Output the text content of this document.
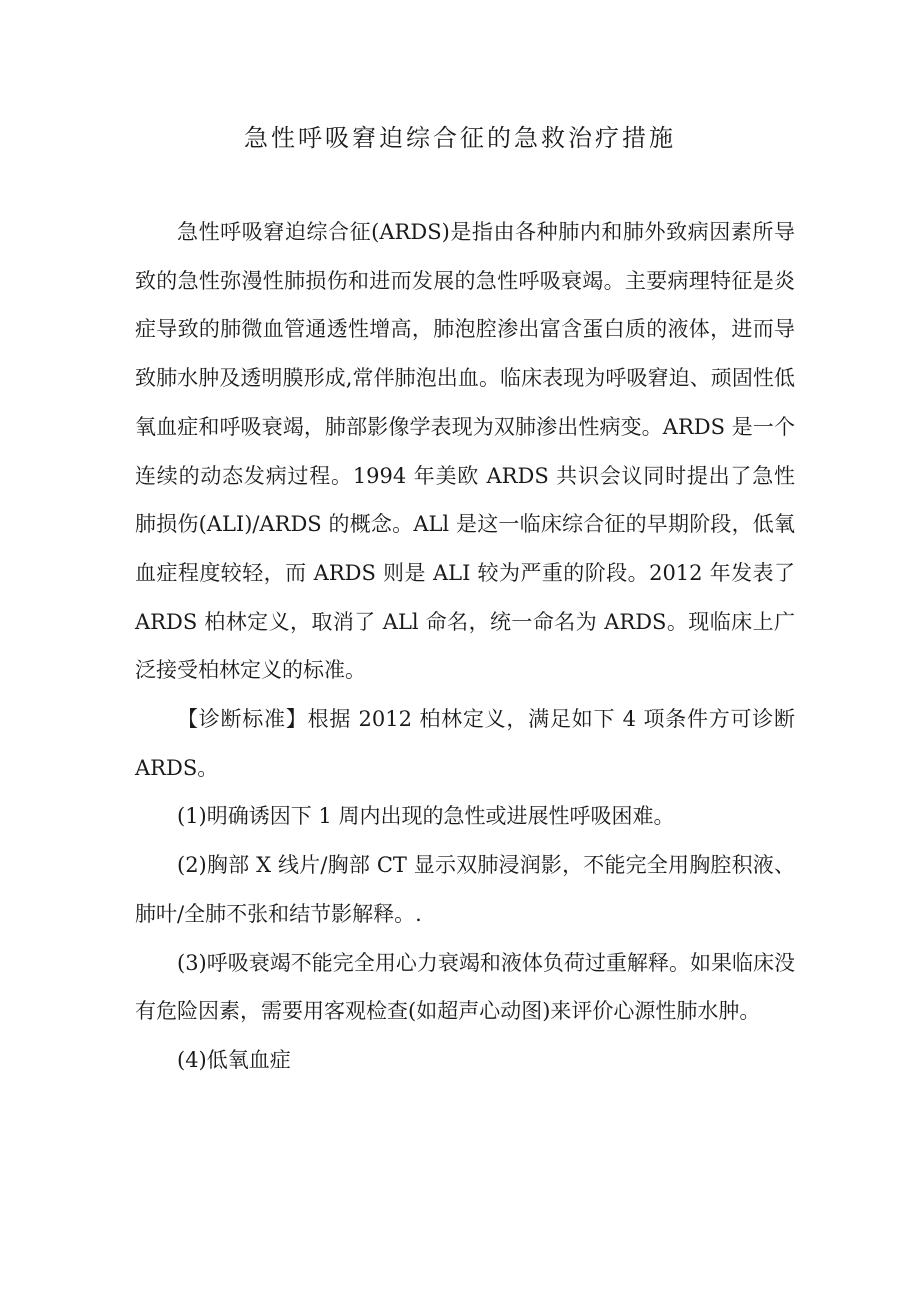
急性呼吸窘迫综合征的急救治疗措施

急性呼吸窘迫综合征(ARDS)是指由各种肺内和肺外致病因素所导致的急性弥漫性肺损伤和进而发展的急性呼吸衰竭。主要病理特征是炎症导致的肺微血管通透性增高，肺泡腔渗出富含蛋白质的液体，进而导致肺水肿及透明膜形成,常伴肺泡出血。临床表现为呼吸窘迫、顽固性低氧血症和呼吸衰竭，肺部影像学表现为双肺渗出性病变。ARDS 是一个连续的动态发病过程。1994 年美欧 ARDS 共识会议同时提出了急性肺损伤(ALI)/ARDS 的概念。ALl 是这一临床综合征的早期阶段，低氧血症程度较轻，而 ARDS 则是 ALI 较为严重的阶段。2012 年发表了 ARDS 柏林定义，取消了 ALl 命名，统一命名为 ARDS。现临床上广泛接受柏林定义的标准。

【诊断标准】根据 2012 柏林定义，满足如下 4 项条件方可诊断 ARDS。

(1)明确诱因下 1 周内出现的急性或进展性呼吸困难。

(2)胸部 X 线片/胸部 CT 显示双肺浸润影，不能完全用胸腔积液、肺叶/全肺不张和结节影解释。.

(3)呼吸衰竭不能完全用心力衰竭和液体负荷过重解释。如果临床没有危险因素，需要用客观检查(如超声心动图)来评价心源性肺水肿。

(4)低氧血症
